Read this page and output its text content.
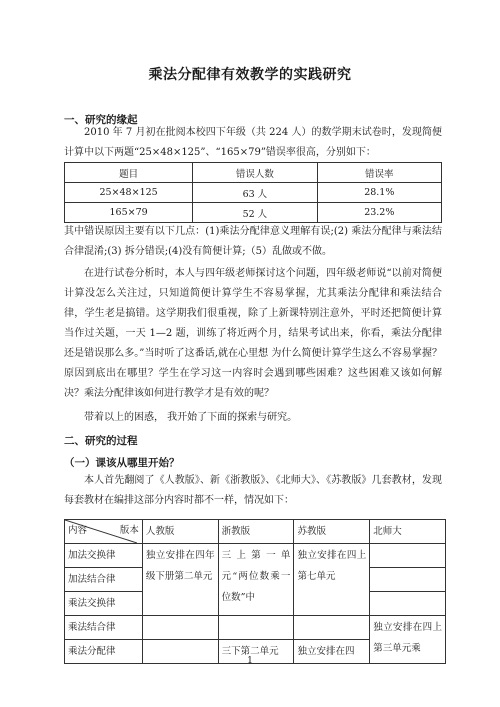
乘法分配律有效教学的实践研究
一、研究的缘起

2010 年 7 月初在批阅本校四下年级（共 224 人）的数学期末试卷时，发现简便计算中以下两题“25×48×125”、“165×79”错误率很高，分别如下：

题目	错误人数	错误率
25×48×125	63 人	28.1%
165×79	52 人	23.2%

其中错误原因主要有以下几点：(1)乘法分配律意义理解有误;(2) 乘法分配律与乘法结合律混淆;(3) 拆分错误;(4)没有简便计算;（5）乱做或不做。

在进行试卷分析时，本人与四年级老师探讨这个问题，四年级老师说“以前对简便计算没怎么关注过，只知道简便计算学生不容易掌握，尤其乘法分配律和乘法结合律，学生老是搞错。这学期我们很重视，除了上新课特别注意外，平时还把简便计算当作过关题，一天 1—2 题，训练了将近两个月，结果考试出来，你看，乘法分配律还是错误那么多。”当时听了这番话,就在心里想 为什么简便计算学生这么不容易掌握？原因到底出在哪里？学生在学习这一内容时会遇到哪些困难？这些困难又该如何解决？乘法分配律该如何进行教学才是有效的呢？

带着以上的困惑， 我开始了下面的探索与研究。

二、研究的过程
（一）课该从哪里开始？

本人首先翻阅了《人教版》、新《浙教版》、《北师大》、《苏教版》几套教材，发现每套教材在编排这部分内容时都不一样，情况如下：

内容 版本	人教版	浙教版	苏教版	北师大
加法交换律	独立安排在四年级下册第二单元	三上第一单元“两位数乘一位数”中	独立安排在四上第七单元	
加法结合律				
乘法交换律				
乘法结合律				独立安排在四上第三单元乘
乘法分配律		三下第二单元	独立安排在四	
1
